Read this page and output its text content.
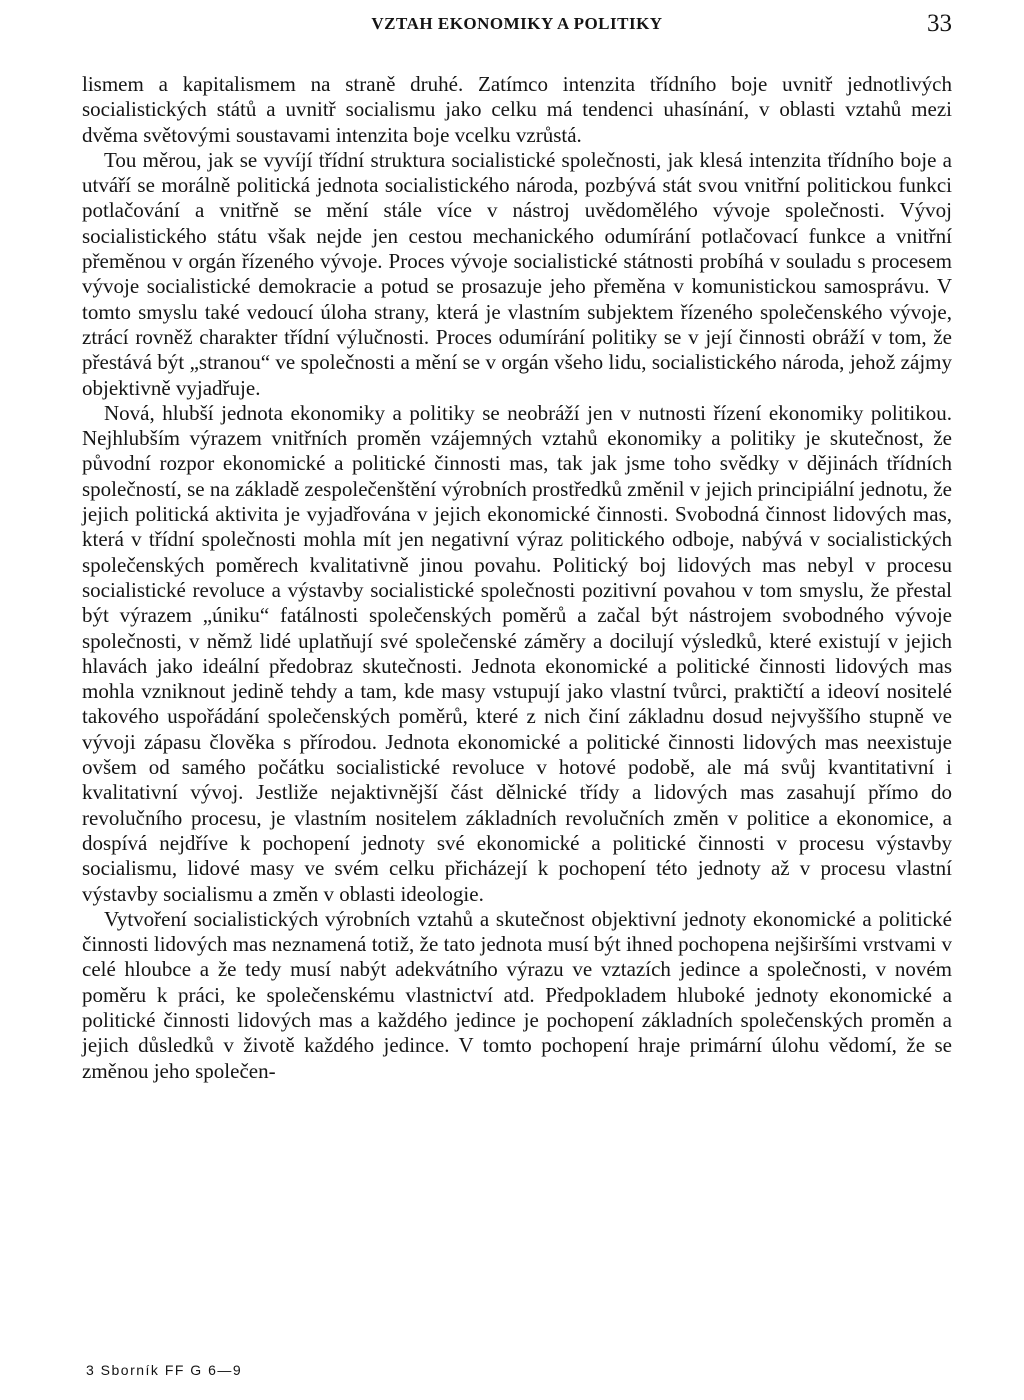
VZTAH EKONOMIKY A POLITIKY	33

lismem a kapitalismem na straně druhé. Zatímco intenzita třídního boje uvnitř jednotlivých socialistických států a uvnitř socialismu jako celku má tendenci uhasínání, v oblasti vztahů mezi dvěma světovými soustavami intenzita boje vcelku vzrůstá.

Tou měrou, jak se vyvíjí třídní struktura socialistické společnosti, jak klesá intenzita třídního boje a utváří se morálně politická jednota socialistického národa, pozbývá stát svou vnitřní politickou funkci potlačování a vnitřně se mění stále více v nástroj uvědomělého vývoje společnosti. Vývoj socialistického státu však nejde jen cestou mechanického odumírání potlačovací funkce a vnitřní přeměnou v orgán řízeného vývoje. Proces vývoje socialistické státnosti probíhá v souladu s procesem vývoje socialistické demokracie a potud se prosazuje jeho přeměna v komunistickou samosprávu. V tomto smyslu také vedoucí úloha strany, která je vlastním subjektem řízeného společenského vývoje, ztrácí rovněž charakter třídní výlučnosti. Proces odumírání politiky se v její činnosti obráží v tom, že přestává být „stranou“ ve společnosti a mění se v orgán všeho lidu, socialistického národa, jehož zájmy objektivně vyjadřuje.

Nová, hlubší jednota ekonomiky a politiky se neobráží jen v nutnosti řízení ekonomiky politikou. Nejhlubším výrazem vnitřních proměn vzájemných vztahů ekonomiky a politiky je skutečnost, že původní rozpor ekonomické a politické činnosti mas, tak jak jsme toho svědky v dějinách třídních společností, se na základě zespolečenštění výrobních prostředků změnil v jejich principiální jednotu, že jejich politická aktivita je vyjadřována v jejich ekonomické činnosti. Svobodná činnost lidových mas, která v třídní společnosti mohla mít jen negativní výraz politického odboje, nabývá v socialistických společenských poměrech kvalitativně jinou povahu. Politický boj lidových mas nebyl v procesu socialistické revoluce a výstavby socialistické společnosti pozitivní povahou v tom smyslu, že přestal být výrazem „úniku“ fatálnosti společenských poměrů a začal být nástrojem svobodného vývoje společnosti, v němž lidé uplatňují své společenské záměry a docilují výsledků, které existují v jejich hlavách jako ideální předobraz skutečnosti. Jednota ekonomické a politické činnosti lidových mas mohla vzniknout jedině tehdy a tam, kde masy vstupují jako vlastní tvůrci, praktičtí a ideoví nositelé takového uspořádání společenských poměrů, které z nich činí základnu dosud nejvyššího stupně ve vývoji zápasu člověka s přírodou. Jednota ekonomické a politické činnosti lidových mas neexistuje ovšem od samého počátku socialistické revoluce v hotové podobě, ale má svůj kvantitativní i kvalitativní vývoj. Jestliže nejaktivnější část dělnické třídy a lidových mas zasahují přímo do revolučního procesu, je vlastním nositelem základních revolučních změn v politice a ekonomice, a dospívá nejdříve k pochopení jednoty své ekonomické a politické činnosti v procesu výstavby socialismu, lidové masy ve svém celku přicházejí k pochopení této jednoty až v procesu vlastní výstavby socialismu a změn v oblasti ideologie.

Vytvoření socialistických výrobních vztahů a skutečnost objektivní jednoty ekonomické a politické činnosti lidových mas neznamená totiž, že tato jednota musí být ihned pochopena nejširšími vrstvami v celé hloubce a že tedy musí nabýt adekvátního výrazu ve vztazích jedince a společnosti, v novém poměru k práci, ke společenskému vlastnictví atd. Předpokladem hluboké jednoty ekonomické a politické činnosti lidových mas a každého jedince je pochopení základních společenských proměn a jejich důsledků v životě každého jedince. V tomto pochopení hraje primární úlohu vědomí, že se změnou jeho společen-

3 Sborník FF G 6—9
